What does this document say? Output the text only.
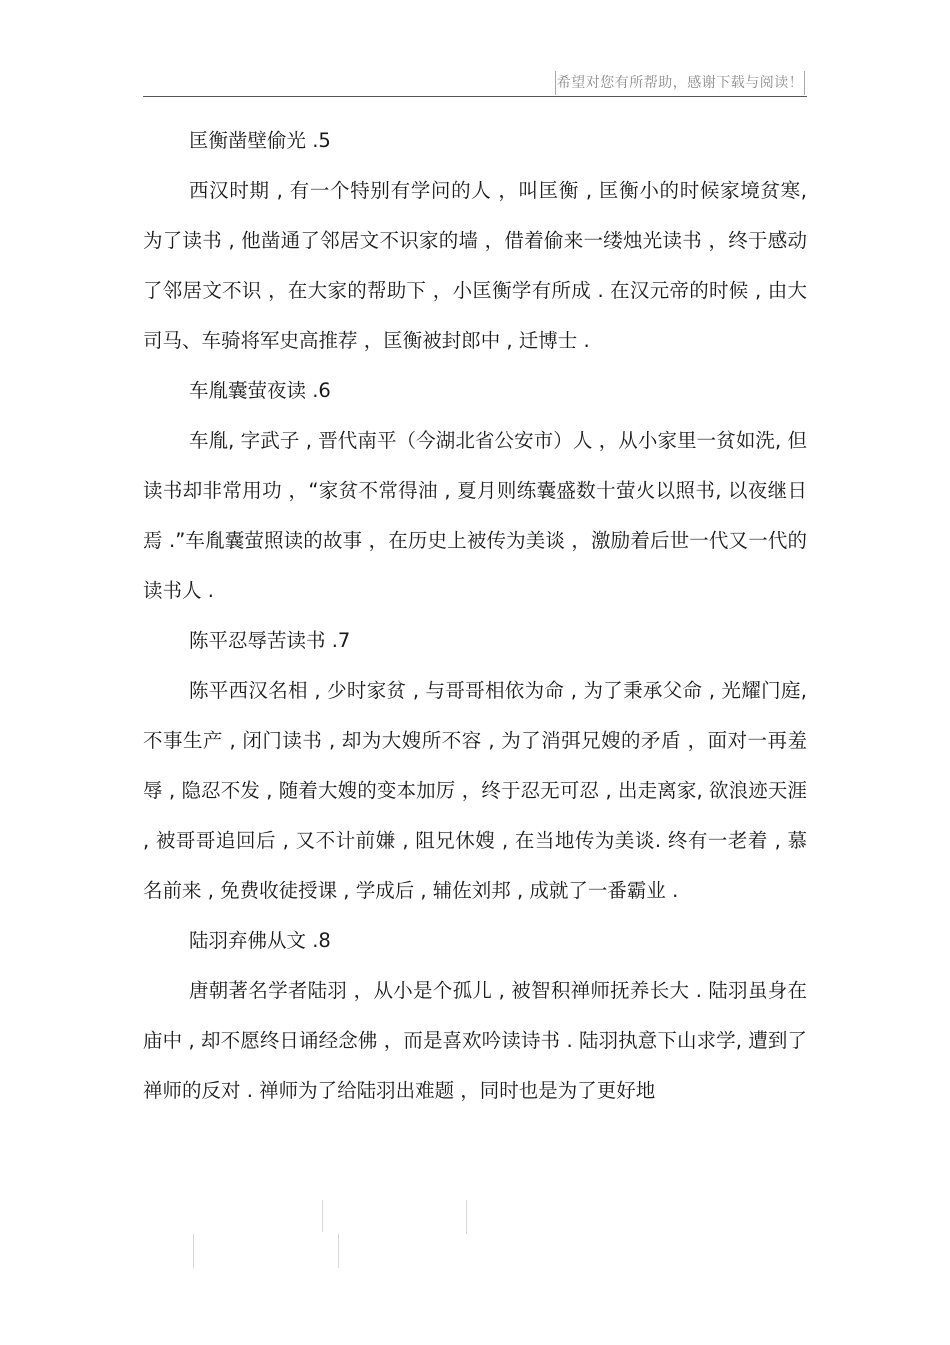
希望对您有所帮助，感谢下载与阅读！

匡衡凿壁偷光 .5

西汉时期 , 有一个特别有学问的人 ，叫匡衡 , 匡衡小的时候家境贫寒, 为了读书 , 他凿通了邻居文不识家的墙 ，借着偷来一缕烛光读书 ，终于感动了邻居文不识 ，在大家的帮助下 ，小匡衡学有所成 . 在汉元帝的时候 , 由大司马、车骑将军史高推荐 ，匡衡被封郎中 , 迁博士 .

车胤囊萤夜读 .6

车胤, 字武子 , 晋代南平（今湖北省公安市）人 ，从小家里一贫如洗, 但读书却非常用功 ，“家贫不常得油 , 夏月则练囊盛数十萤火以照书, 以夜继日焉 .”车胤囊萤照读的故事 ，在历史上被传为美谈 ，激励着后世一代又一代的读书人 .

陈平忍辱苦读书 .7

陈平西汉名相 , 少时家贫 , 与哥哥相依为命 , 为了秉承父命 , 光耀门庭, 不事生产 , 闭门读书 , 却为大嫂所不容 , 为了消弭兄嫂的矛盾 ，面对一再羞辱 , 隐忍不发 , 随着大嫂的变本加厉 ，终于忍无可忍 , 出走离家, 欲浪迹天涯 , 被哥哥追回后 , 又不计前嫌 , 阻兄休嫂 , 在当地传为美谈. 终有一老着 , 慕名前来 , 免费收徒授课 , 学成后 , 辅佐刘邦 , 成就了一番霸业 .

陆羽弃佛从文 .8

唐朝著名学者陆羽 ，从小是个孤儿 , 被智积禅师抚养长大 . 陆羽虽身在庙中 , 却不愿终日诵经念佛 ，而是喜欢吟读诗书 . 陆羽执意下山求学, 遭到了禅师的反对 . 禅师为了给陆羽出难题 ，同时也是为了更好地
